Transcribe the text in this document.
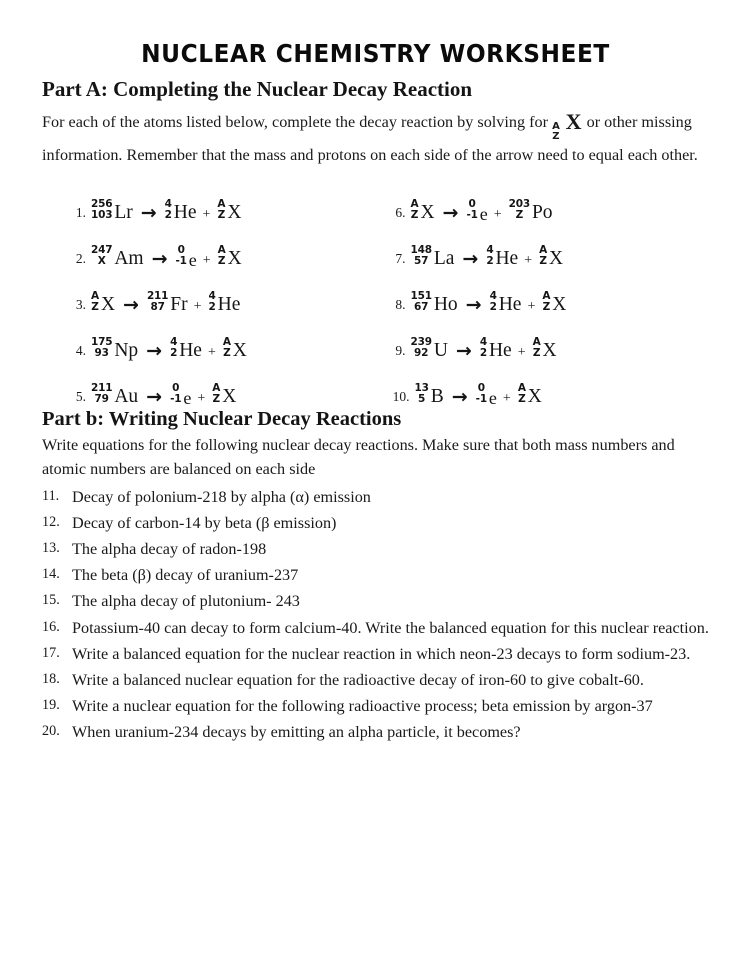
NUCLEAR CHEMISTRY WORKSHEET
Part A: Completing the Nuclear Decay Reaction

For each of the atoms listed below, complete the decay reaction by solving for A
Z
X or other missing information. Remember that the mass and protons on each side of the arrow need to equal each other.

1.
256
103 Lr → 4
2 He +
A
Z X
2.
247
X Am → 0
-1 e +
A
Z X
3.
A
Z X → 211
87 Fr +
4
2 He
4.
175
93 Np → 4
2 He +
A
Z X
5.
211
79 Au → 0
-1 e +
A
Z X
6.
A
Z X → 0
-1 e +
203
Z Po
7.
148
57 La → 4
2 He +
A
Z X
8.
151
67 Ho → 4
2 He +
A
Z X
9.
239
92 U → 4
2 He +
A
Z X
10.
13
5 B → 0
-1 e +
A
Z X
Part b: Writing Nuclear Decay Reactions

Write equations for the following nuclear decay reactions. Make sure that both mass numbers and atomic numbers are balanced on each side

11. Decay of polonium-218 by alpha (α) emission
12. Decay of carbon-14 by beta (β emission)
13. The alpha decay of radon-198
14. The beta (β) decay of uranium-237
15. The alpha decay of plutonium- 243
16. Potassium-40 can decay to form calcium-40. Write the balanced equation for this nuclear reaction.
17. Write a balanced equation for the nuclear reaction in which neon-23 decays to form sodium-23.
18. Write a balanced nuclear equation for the radioactive decay of iron-60 to give cobalt-60.
19. Write a nuclear equation for the following radioactive process; beta emission by argon-37
20. When uranium-234 decays by emitting an alpha particle, it becomes?
